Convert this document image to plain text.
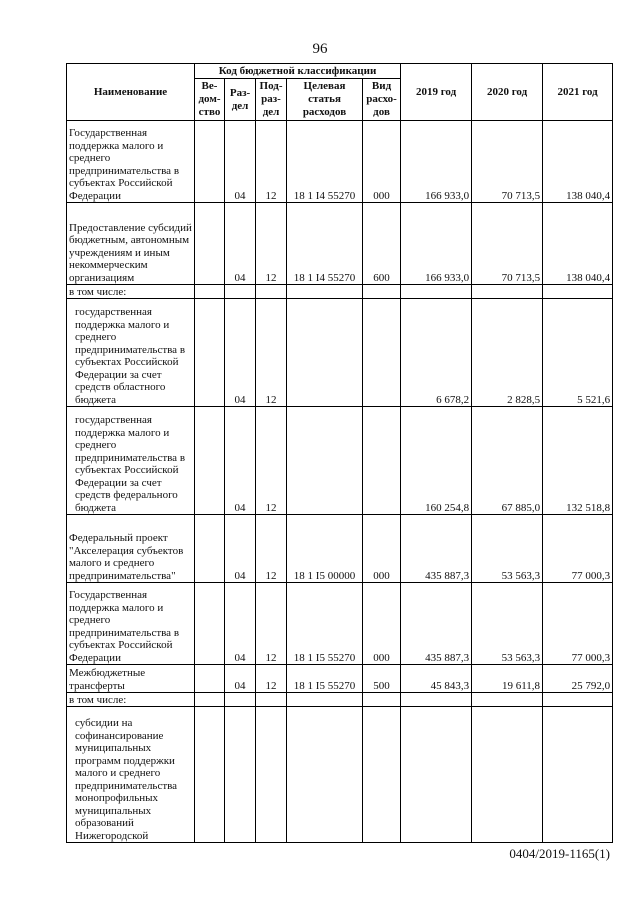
96
Наименование	Код бюджетной классификации					2019 год	2020 год	2021 год
	Ве-дом-ство	Раз-дел	Под-раз-дел	Целевая статья расходов	Вид расхо-дов			
Государственная поддержка малого и среднего предпринимательства в субъектах Российской Федерации		04	12	18 1 I4 55270	000	166 933,0	70 713,5	138 040,4
Предоставление субсидий бюджетным, автономным учреждениям и иным некоммерческим организациям		04	12	18 1 I4 55270	600	166 933,0	70 713,5	138 040,4
в том числе:								
государственная поддержка малого и среднего предпринимательства в субъектах Российской Федерации за счет средств областного бюджета		04	12			6 678,2	2 828,5	5 521,6
государственная поддержка малого и среднего предпринимательства в субъектах Российской Федерации за счет средств федерального бюджета		04	12			160 254,8	67 885,0	132 518,8
Федеральный проект "Акселерация субъектов малого и среднего предпринимательства"		04	12	18 1 I5 00000	000	435 887,3	53 563,3	77 000,3
Государственная поддержка малого и среднего предпринимательства в субъектах Российской Федерации		04	12	18 1 I5 55270	000	435 887,3	53 563,3	77 000,3
Межбюджетные трансферты		04	12	18 1 I5 55270	500	45 843,3	19 611,8	25 792,0
в том числе:								
субсидии на софинансирование муниципальных программ поддержки малого и среднего предпринимательства монопрофильных муниципальных образований Нижегородской								
0404/2019-1165(1)
